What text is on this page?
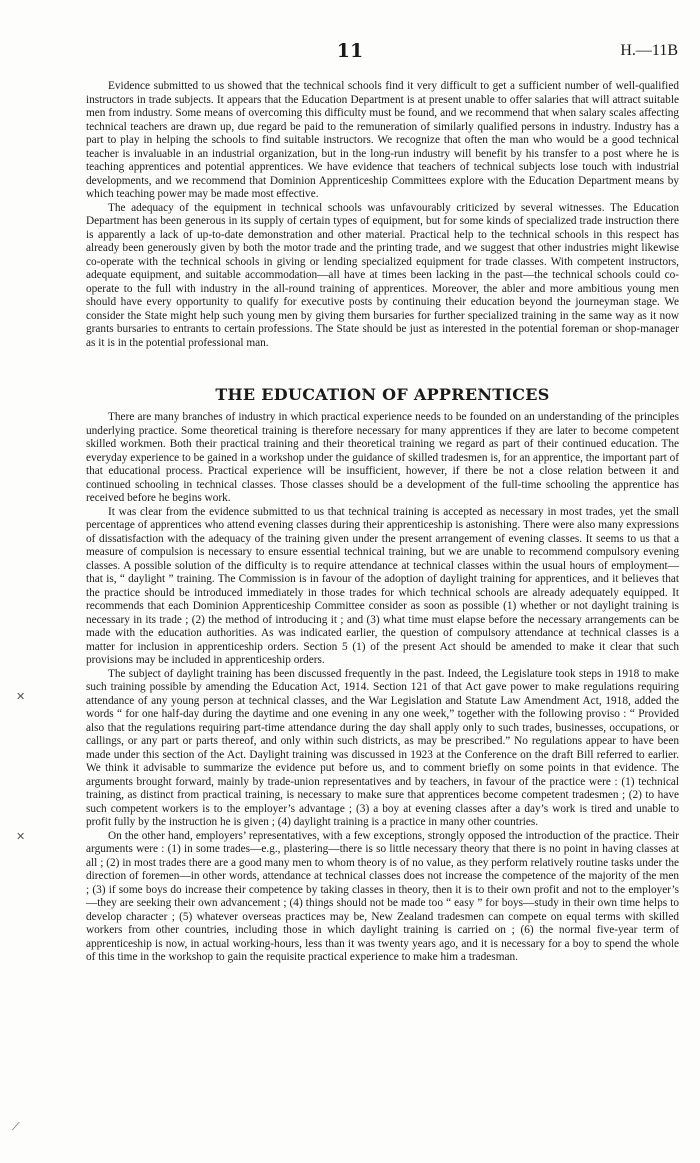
11	H.—11B

Evidence submitted to us showed that the technical schools find it very difficult to get a sufficient number of well-qualified instructors in trade subjects. It appears that the Education Department is at present unable to offer salaries that will attract suitable men from industry. Some means of overcoming this difficulty must be found, and we recommend that when salary scales affecting technical teachers are drawn up, due regard be paid to the remuneration of similarly qualified persons in industry. Industry has a part to play in helping the schools to find suitable instructors. We recognize that often the man who would be a good technical teacher is invaluable in an industrial organization, but in the long-run industry will benefit by his transfer to a post where he is teaching apprentices and potential apprentices. We have evidence that teachers of technical subjects lose touch with industrial developments, and we recommend that Dominion Apprenticeship Committees explore with the Education Department means by which teaching power may be made most effective.

The adequacy of the equipment in technical schools was unfavourably criticized by several witnesses. The Education Department has been generous in its supply of certain types of equipment, but for some kinds of specialized trade instruction there is apparently a lack of up-to-date demonstration and other material. Practical help to the technical schools in this respect has already been generously given by both the motor trade and the printing trade, and we suggest that other industries might likewise co-operate with the technical schools in giving or lending specialized equipment for trade classes. With competent instructors, adequate equipment, and suitable accommodation—all have at times been lacking in the past—the technical schools could co-operate to the full with industry in the all-round training of apprentices. Moreover, the abler and more ambitious young men should have every opportunity to qualify for executive posts by continuing their education beyond the journeyman stage. We consider the State might help such young men by giving them bursaries for further specialized training in the same way as it now grants bursaries to entrants to certain professions. The State should be just as interested in the potential foreman or shop-manager as it is in the potential professional man.

THE EDUCATION OF APPRENTICES

There are many branches of industry in which practical experience needs to be founded on an understanding of the principles underlying practice. Some theoretical training is therefore necessary for many apprentices if they are later to become competent skilled workmen. Both their practical training and their theoretical training we regard as part of their continued education. The everyday experience to be gained in a workshop under the guidance of skilled tradesmen is, for an apprentice, the important part of that educational process. Practical experience will be insufficient, however, if there be not a close relation between it and continued schooling in technical classes. Those classes should be a development of the full-time schooling the apprentice has received before he begins work.

It was clear from the evidence submitted to us that technical training is accepted as necessary in most trades, yet the small percentage of apprentices who attend evening classes during their apprenticeship is astonishing. There were also many expressions of dissatisfaction with the adequacy of the training given under the present arrangement of evening classes. It seems to us that a measure of compulsion is necessary to ensure essential technical training, but we are unable to recommend compulsory evening classes. A possible solution of the difficulty is to require attendance at technical classes within the usual hours of employment—that is, “ daylight ” training. The Commission is in favour of the adoption of daylight training for apprentices, and it believes that the practice should be introduced immediately in those trades for which technical schools are already adequately equipped. It recommends that each Dominion Apprenticeship Committee consider as soon as possible (1) whether or not daylight training is necessary in its trade ; (2) the method of introducing it ; and (3) what time must elapse before the necessary arrangements can be made with the education authorities. As was indicated earlier, the question of compulsory attendance at technical classes is a matter for inclusion in apprenticeship orders. Section 5 (1) of the present Act should be amended to make it clear that such provisions may be included in apprenticeship orders.

The subject of daylight training has been discussed frequently in the past. Indeed, the Legislature took steps in 1918 to make such training possible by amending the Education Act, 1914. Section 121 of that Act gave power to make regulations requiring attendance of any young person at technical classes, and the War Legislation and Statute Law Amendment Act, 1918, added the words “ for one half-day during the daytime and one evening in any one week,” together with the following proviso : “ Provided also that the regulations requiring part-time attendance during the day shall apply only to such trades, businesses, occupations, or callings, or any part or parts thereof, and only within such districts, as may be prescribed.” No regulations appear to have been made under this section of the Act. Daylight training was discussed in 1923 at the Conference on the draft Bill referred to earlier. We think it advisable to summarize the evidence put before us, and to comment briefly on some points in that evidence. The arguments brought forward, mainly by trade-union representatives and by teachers, in favour of the practice were : (1) technical training, as distinct from practical training, is necessary to make sure that apprentices become competent tradesmen ; (2) to have such competent workers is to the employer’s advantage ; (3) a boy at evening classes after a day’s work is tired and unable to profit fully by the instruction he is given ; (4) daylight training is a practice in many other countries.

On the other hand, employers’ representatives, with a few exceptions, strongly opposed the introduction of the practice. Their arguments were : (1) in some trades—e.g., plastering—there is so little necessary theory that there is no point in having classes at all ; (2) in most trades there are a good many men to whom theory is of no value, as they perform relatively routine tasks under the direction of foremen—in other words, attendance at technical classes does not increase the competence of the majority of the men ; (3) if some boys do increase their competence by taking classes in theory, then it is to their own profit and not to the employer’s—they are seeking their own advancement ; (4) things should not be made too “ easy ” for boys—study in their own time helps to develop character ; (5) whatever overseas practices may be, New Zealand tradesmen can compete on equal terms with skilled workers from other countries, including those in which daylight training is carried on ; (6) the normal five-year term of apprenticeship is now, in actual working-hours, less than it was twenty years ago, and it is necessary for a boy to spend the whole of this time in the workshop to gain the requisite practical experience to make him a tradesman.

✕
✕
⟋
